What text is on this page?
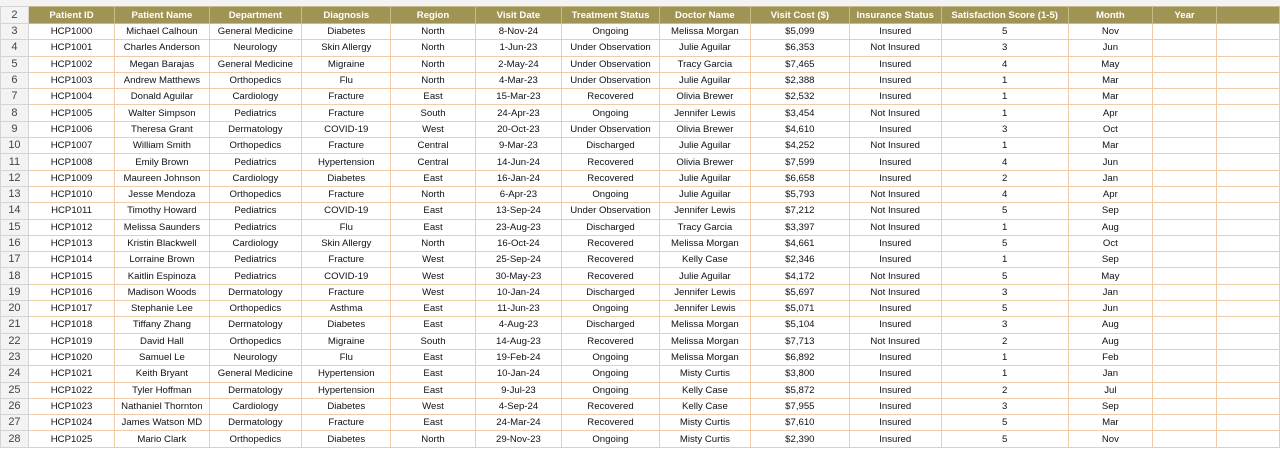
2	Patient ID	Patient Name	Department	Diagnosis	Region	Visit Date	Treatment Status	Doctor Name	Visit Cost ($)	Insurance Status	Satisfaction Score (1-5)	Month	Year	
3	HCP1000	Michael Calhoun	General Medicine	Diabetes	North	8-Nov-24	Ongoing	Melissa Morgan	$5,099	Insured	5	Nov		
4	HCP1001	Charles Anderson	Neurology	Skin Allergy	North	1-Jun-23	Under Observation	Julie Aguilar	$6,353	Not Insured	3	Jun		
5	HCP1002	Megan Barajas	General Medicine	Migraine	North	2-May-24	Under Observation	Tracy Garcia	$7,465	Insured	4	May		
6	HCP1003	Andrew Matthews	Orthopedics	Flu	North	4-Mar-23	Under Observation	Julie Aguilar	$2,388	Insured	1	Mar		
7	HCP1004	Donald Aguilar	Cardiology	Fracture	East	15-Mar-23	Recovered	Olivia Brewer	$2,532	Insured	1	Mar		
8	HCP1005	Walter Simpson	Pediatrics	Fracture	South	24-Apr-23	Ongoing	Jennifer Lewis	$3,454	Not Insured	1	Apr		
9	HCP1006	Theresa Grant	Dermatology	COVID-19	West	20-Oct-23	Under Observation	Olivia Brewer	$4,610	Insured	3	Oct		
10	HCP1007	William Smith	Orthopedics	Fracture	Central	9-Mar-23	Discharged	Julie Aguilar	$4,252	Not Insured	1	Mar		
11	HCP1008	Emily Brown	Pediatrics	Hypertension	Central	14-Jun-24	Recovered	Olivia Brewer	$7,599	Insured	4	Jun		
12	HCP1009	Maureen Johnson	Cardiology	Diabetes	East	16-Jan-24	Recovered	Julie Aguilar	$6,658	Insured	2	Jan		
13	HCP1010	Jesse Mendoza	Orthopedics	Fracture	North	6-Apr-23	Ongoing	Julie Aguilar	$5,793	Not Insured	4	Apr		
14	HCP1011	Timothy Howard	Pediatrics	COVID-19	East	13-Sep-24	Under Observation	Jennifer Lewis	$7,212	Not Insured	5	Sep		
15	HCP1012	Melissa Saunders	Pediatrics	Flu	East	23-Aug-23	Discharged	Tracy Garcia	$3,397	Not Insured	1	Aug		
16	HCP1013	Kristin Blackwell	Cardiology	Skin Allergy	North	16-Oct-24	Recovered	Melissa Morgan	$4,661	Insured	5	Oct		
17	HCP1014	Lorraine Brown	Pediatrics	Fracture	West	25-Sep-24	Recovered	Kelly Case	$2,346	Insured	1	Sep		
18	HCP1015	Kaitlin Espinoza	Pediatrics	COVID-19	West	30-May-23	Recovered	Julie Aguilar	$4,172	Not Insured	5	May		
19	HCP1016	Madison Woods	Dermatology	Fracture	West	10-Jan-24	Discharged	Jennifer Lewis	$5,697	Not Insured	3	Jan		
20	HCP1017	Stephanie Lee	Orthopedics	Asthma	East	11-Jun-23	Ongoing	Jennifer Lewis	$5,071	Insured	5	Jun		
21	HCP1018	Tiffany Zhang	Dermatology	Diabetes	East	4-Aug-23	Discharged	Melissa Morgan	$5,104	Insured	3	Aug		
22	HCP1019	David Hall	Orthopedics	Migraine	South	14-Aug-23	Recovered	Melissa Morgan	$7,713	Not Insured	2	Aug		
23	HCP1020	Samuel Le	Neurology	Flu	East	19-Feb-24	Ongoing	Melissa Morgan	$6,892	Insured	1	Feb		
24	HCP1021	Keith Bryant	General Medicine	Hypertension	East	10-Jan-24	Ongoing	Misty Curtis	$3,800	Insured	1	Jan		
25	HCP1022	Tyler Hoffman	Dermatology	Hypertension	East	9-Jul-23	Ongoing	Kelly Case	$5,872	Insured	2	Jul		
26	HCP1023	Nathaniel Thornton	Cardiology	Diabetes	West	4-Sep-24	Recovered	Kelly Case	$7,955	Insured	3	Sep		
27	HCP1024	James Watson MD	Dermatology	Fracture	East	24-Mar-24	Recovered	Misty Curtis	$7,610	Insured	5	Mar		
28	HCP1025	Mario Clark	Orthopedics	Diabetes	North	29-Nov-23	Ongoing	Misty Curtis	$2,390	Insured	5	Nov		
